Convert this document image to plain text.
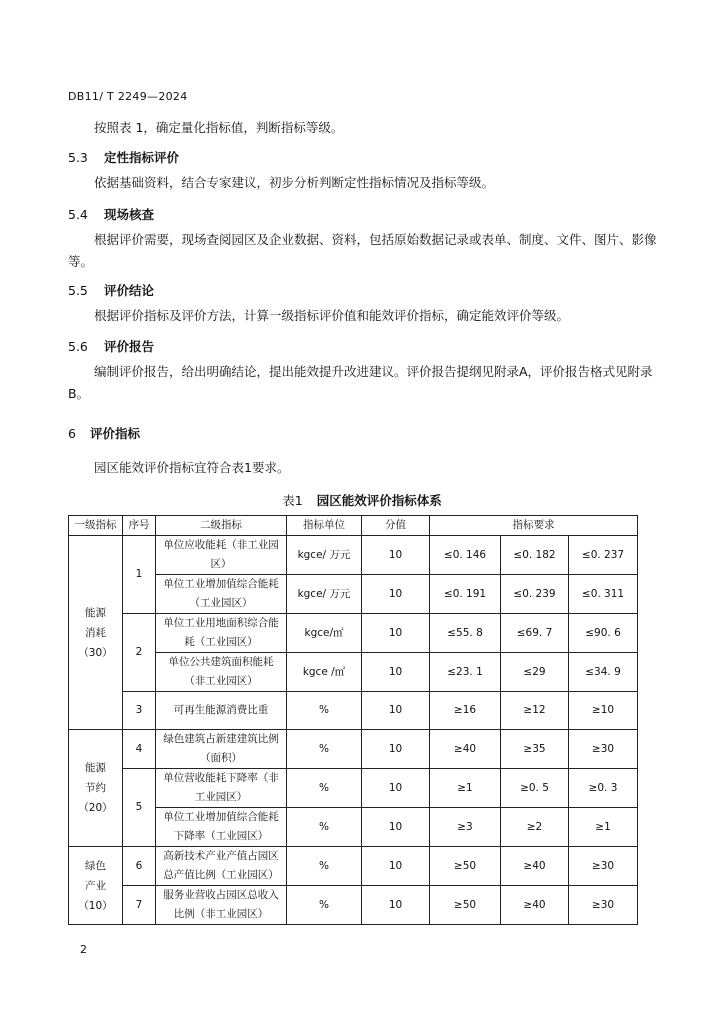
DB11/ T 2249—2024
按照表 1，确定量化指标值，判断指标等级。
5.3 定性指标评价
依据基础资料，结合专家建议，初步分析判断定性指标情况及指标等级。
5.4 现场核查
根据评价需要，现场查阅园区及企业数据、资料，包括原始数据记录或表单、制度、文件、图片、影像等。
5.5 评价结论
根据评价指标及评价方法，计算一级指标评价值和能效评价指标，确定能效评价等级。
5.6 评价报告
编制评价报告，给出明确结论，提出能效提升改进建议。评价报告提纲见附录A，评价报告格式见附录B。
6 评价指标
园区能效评价指标宜符合表1要求。
表1 园区能效评价指标体系
一级指标	序号	二级指标	指标单位	分值	指标要求		

能源
消耗
（30）	1	单位应收能耗（非工业园区）	kgce/ 万元	10	≤0. 146	≤0. 182	≤0. 237
		单位工业增加值综合能耗（工业园区）	kgce/ 万元	10	≤0. 191	≤0. 239	≤0. 311
	2	单位工业用地面积综合能耗（工业园区）	kgce/㎡	10	≤55. 8	≤69. 7	≤90. 6
		单位公共建筑面积能耗（非工业园区）	kgce /㎡	10	≤23. 1	≤29	≤34. 9
	3	可再生能源消费比重	%	10	≥16	≥12	≥10

能源
节约
（20）	4	绿色建筑占新建建筑比例（面积）	%	10	≥40	≥35	≥30
	5	单位营收能耗下降率（非工业园区）	%	10	≥1	≥0. 5	≥0. 3
		单位工业增加值综合能耗下降率（工业园区）	%	10	≥3	≥2	≥1

绿色
产业
（10）	6	高新技术产业产值占园区总产值比例（工业园区）	%	10	≥50	≥40	≥30
	7	服务业营收占园区总收入比例（非工业园区）	%	10	≥50	≥40	≥30
2
